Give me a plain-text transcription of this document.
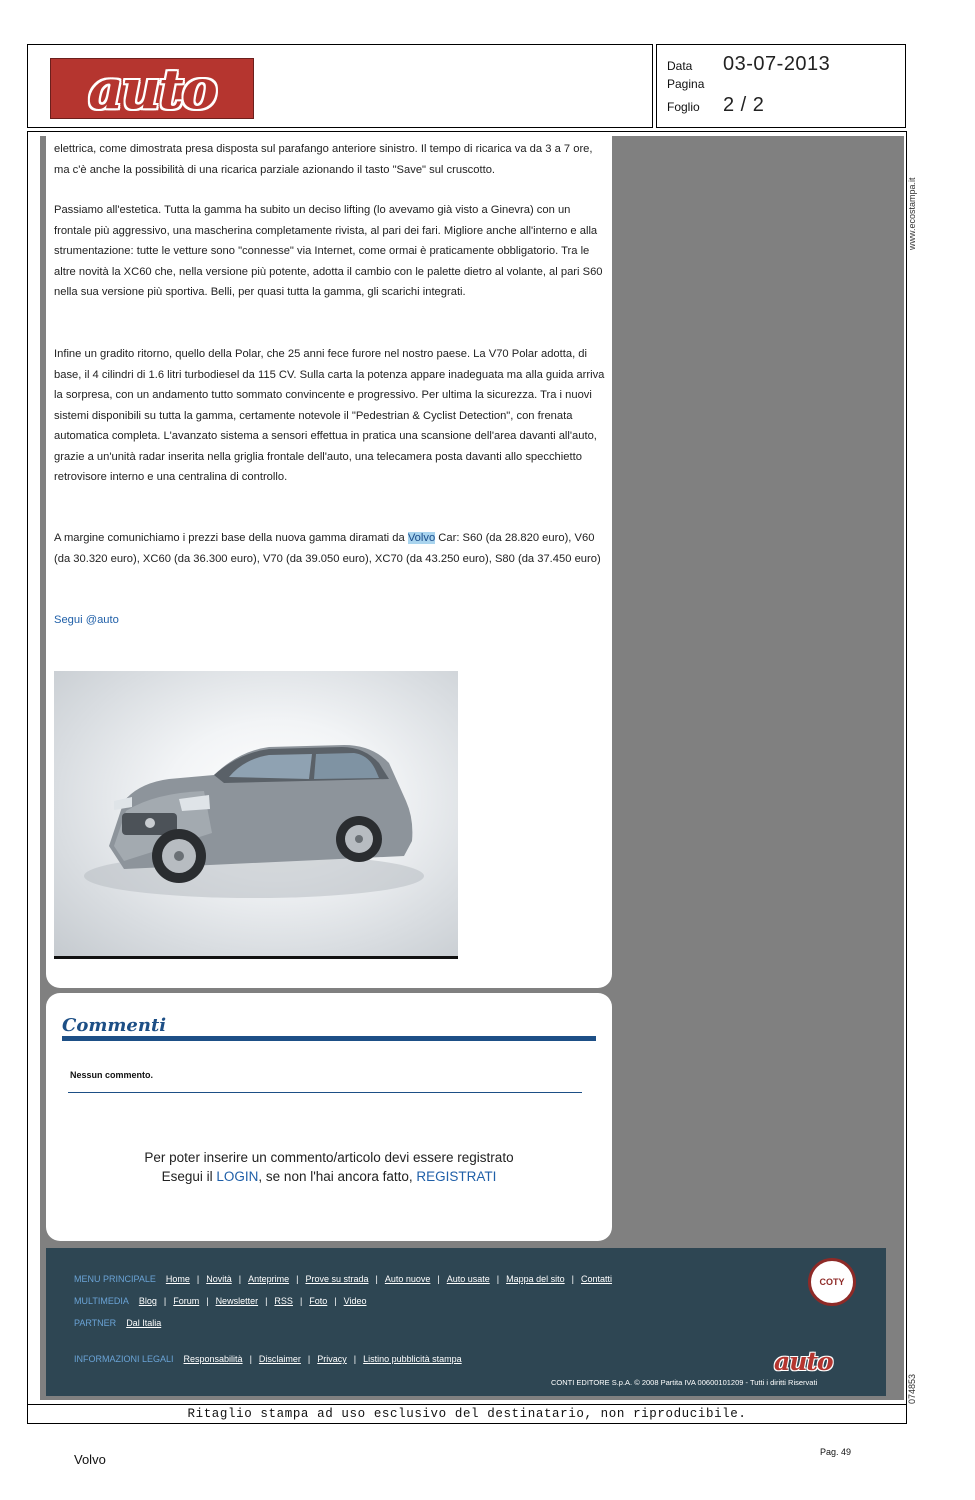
auto	Data	03-07-2013
Pagina
Foglio	2 / 2
www.ecostampa.it
074853

elettrica, come dimostrata presa disposta sul parafango anteriore sinistro. Il tempo di ricarica va da 3 a 7 ore, ma c'è anche la possibilità di una ricarica parziale azionando il tasto "Save" sul cruscotto.

Passiamo all'estetica. Tutta la gamma ha subito un deciso lifting (lo avevamo già visto a Ginevra) con un frontale più aggressivo, una mascherina completamente rivista, al pari dei fari. Migliore anche all'interno e alla strumentazione: tutte le vetture sono "connesse" via Internet, come ormai è praticamente obbligatorio. Tra le altre novità la XC60 che, nella versione più potente, adotta il cambio con le palette dietro al volante, al pari S60 nella sua versione più sportiva. Belli, per quasi tutta la gamma, gli scarichi integrati.

Infine un gradito ritorno, quello della Polar, che 25 anni fece furore nel nostro paese. La V70 Polar adotta, di base, il 4 cilindri di 1.6 litri turbodiesel da 115 CV. Sulla carta la potenza appare inadeguata ma alla guida arriva la sorpresa, con un andamento tutto sommato convincente e progressivo. Per ultima la sicurezza. Tra i nuovi sistemi disponibili su tutta la gamma, certamente notevole il "Pedestrian & Cyclist Detection", con frenata automatica completa. L'avanzato sistema a sensori effettua in pratica una scansione dell'area davanti all'auto, grazie a un'unità radar inserita nella griglia frontale dell'auto, una telecamera posta davanti allo specchietto retrovisore interno e una centralina di controllo.

A margine comunichiamo i prezzi base della nuova gamma diramati da Volvo Car: S60 (da 28.820 euro), V60 (da 30.320 euro), XC60 (da 36.300 euro), V70 (da 39.050 euro), XC70 (da 43.250 euro), S80 (da 37.450 euro)

Segui @auto

Commenti
Nessun commento.
Per poter inserire un commento/articolo devi essere registrato
Esegui il LOGIN, se non l'hai ancora fatto, REGISTRATI
MENU PRINCIPALE Home | Novità | Anteprime | Prove su strada | Auto nuove | Auto usate | Mappa del sito | Contatti
MULTIMEDIA Blog | Forum | Newsletter | RSS | Foto | Video
PARTNER Dal Italia
INFORMAZIONI LEGALI Responsabilità | Disclaimer | Privacy | Listino pubblicità stampa
COTY
auto
CONTI EDITORE S.p.A. © 2008 Partita IVA 00600101209 - Tutti i diritti Riservati
Ritaglio stampa ad uso esclusivo del destinatario, non riproducibile.
Volvo	Pag. 49
